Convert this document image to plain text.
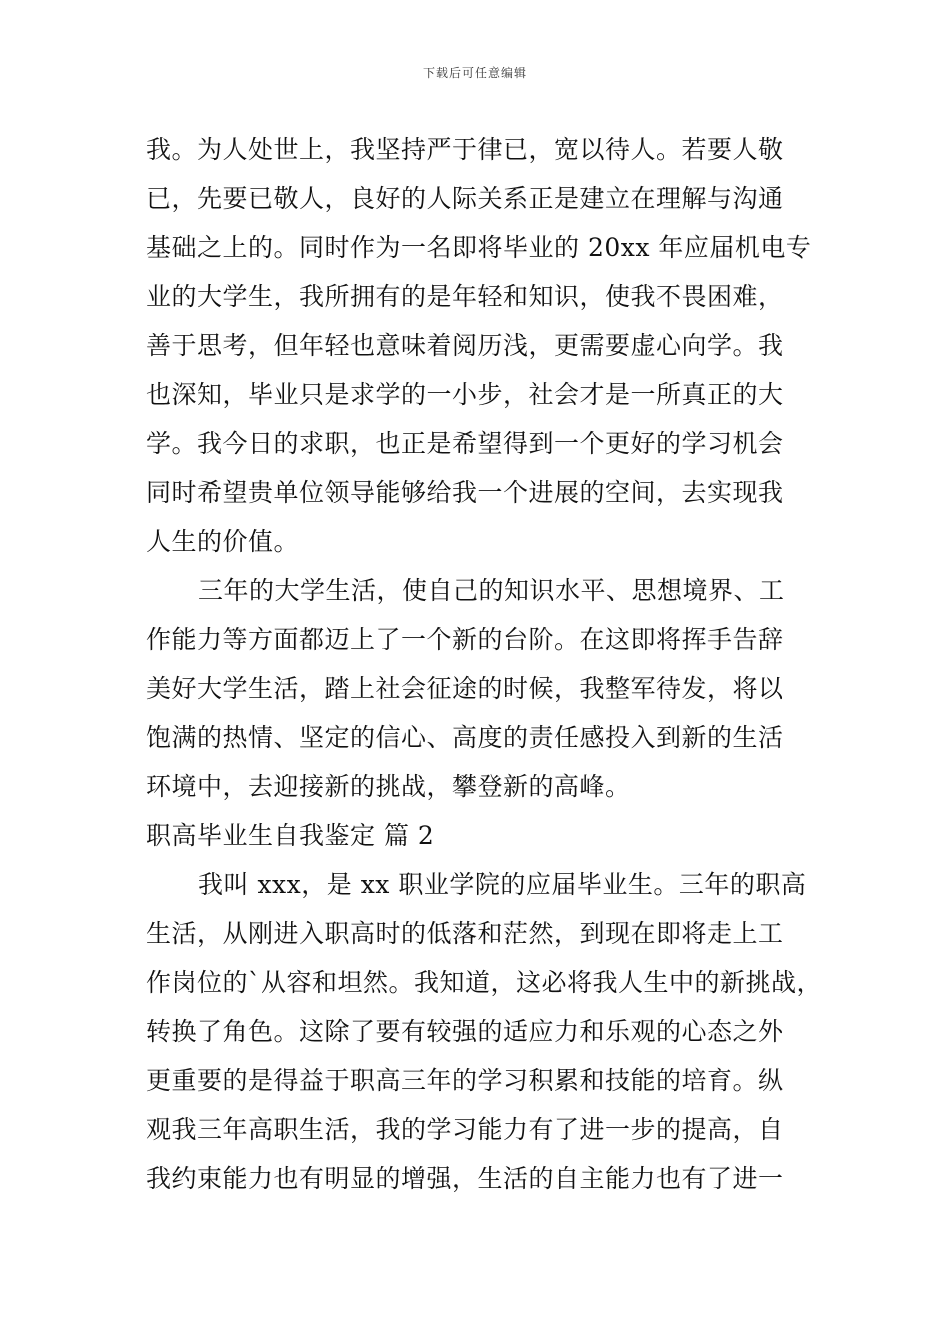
下载后可任意编辑
我。为人处世上，我坚持严于律已，宽以待人。若要人敬
已，先要已敬人，良好的人际关系正是建立在理解与沟通
基础之上的。同时作为一名即将毕业的 20xx 年应届机电专
业的大学生，我所拥有的是年轻和知识，使我不畏困难，
善于思考，但年轻也意味着阅历浅，更需要虚心向学。我
也深知，毕业只是求学的一小步，社会才是一所真正的大
学。我今日的求职，也正是希望得到一个更好的学习机会
同时希望贵单位领导能够给我一个进展的空间，去实现我
人生的价值。
三年的大学生活，使自己的知识水平、思想境界、工
作能力等方面都迈上了一个新的台阶。在这即将挥手告辞
美好大学生活，踏上社会征途的时候，我整军待发，将以
饱满的热情、坚定的信心、高度的责任感投入到新的生活
环境中，去迎接新的挑战，攀登新的高峰。
职高毕业生自我鉴定 篇 2
我叫 xxx，是 xx 职业学院的应届毕业生。三年的职高
生活，从刚进入职高时的低落和茫然，到现在即将走上工
作岗位的`从容和坦然。我知道，这必将我人生中的新挑战，
转换了角色。这除了要有较强的适应力和乐观的心态之外
更重要的是得益于职高三年的学习积累和技能的培育。纵
观我三年高职生活，我的学习能力有了进一步的提高，自
我约束能力也有明显的增强，生活的自主能力也有了进一
